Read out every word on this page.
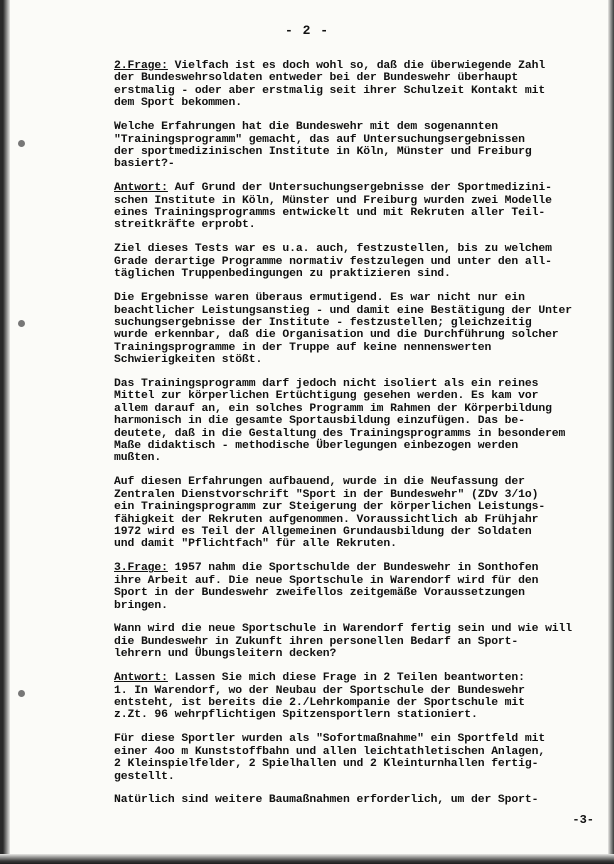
- 2 -
2.Frage: Vielfach ist es doch wohl so, daß die überwiegende Zahl
der Bundeswehrsoldaten entweder bei der Bundeswehr überhaupt
erstmalig - oder aber erstmalig seit ihrer Schulzeit Kontakt mit
dem Sport bekommen.
Welche Erfahrungen hat die Bundeswehr mit dem sogenannten
"Trainingsprogramm" gemacht, das auf Untersuchungsergebnissen
der sportmedizinischen Institute in Köln, Münster und Freiburg
basiert?-
Antwort: Auf Grund der Untersuchungsergebnisse der Sportmedizini-
schen Institute in Köln, Münster und Freiburg wurden zwei Modelle
eines Trainingsprogramms entwickelt und mit Rekruten aller Teil-
streitkräfte erprobt.
Ziel dieses Tests war es u.a. auch, festzustellen, bis zu welchem
Grade derartige Programme normativ festzulegen und unter den all-
täglichen Truppenbedingungen zu praktizieren sind.
Die Ergebnisse waren überaus ermutigend. Es war nicht nur ein
beachtlicher Leistungsanstieg - und damit eine Bestätigung der Unter
suchungsergebnisse der Institute - festzustellen; gleichzeitig
wurde erkennbar, daß die Organisation und die Durchführung solcher
Trainingsprogramme in der Truppe auf keine nennenswerten
Schwierigkeiten stößt.
Das Trainingsprogramm darf jedoch nicht isoliert als ein reines
Mittel zur körperlichen Ertüchtigung gesehen werden. Es kam vor
allem darauf an, ein solches Programm im Rahmen der Körperbildung
harmonisch in die gesamte Sportausbildung einzufügen. Das be-
deutete, daß in die Gestaltung des Trainingsprogramms in besonderem
Maße didaktisch - methodische Überlegungen einbezogen werden
mußten.
Auf diesen Erfahrungen aufbauend, wurde in die Neufassung der
Zentralen Dienstvorschrift "Sport in der Bundeswehr" (ZDv 3/1o)
ein Trainingsprogramm zur Steigerung der körperlichen Leistungs-
fähigkeit der Rekruten aufgenommen. Voraussichtlich ab Frühjahr
1972 wird es Teil der Allgemeinen Grundausbildung der Soldaten
und damit "Pflichtfach" für alle Rekruten.
3.Frage: 1957 nahm die Sportschulde der Bundeswehr in Sonthofen
ihre Arbeit auf. Die neue Sportschule in Warendorf wird für den
Sport in der Bundeswehr zweifellos zeitgemäße Voraussetzungen
bringen.
Wann wird die neue Sportschule in Warendorf fertig sein und wie will
die Bundeswehr in Zukunft ihren personellen Bedarf an Sport-
lehrern und Übungsleitern decken?
Antwort: Lassen Sie mich diese Frage in 2 Teilen beantworten:
1. In Warendorf, wo der Neubau der Sportschule der Bundeswehr
entsteht, ist bereits die 2./Lehrkompanie der Sportschule mit
z.Zt. 96 wehrpflichtigen Spitzensportlern stationiert.
Für diese Sportler wurden als "Sofortmaßnahme" ein Sportfeld mit
einer 4oo m Kunststoffbahn und allen leichtathletischen Anlagen,
2 Kleinspielfelder, 2 Spielhallen und 2 Kleinturnhallen fertig-
gestellt.
Natürlich sind weitere Baumaßnahmen erforderlich, um der Sport-
-3-
